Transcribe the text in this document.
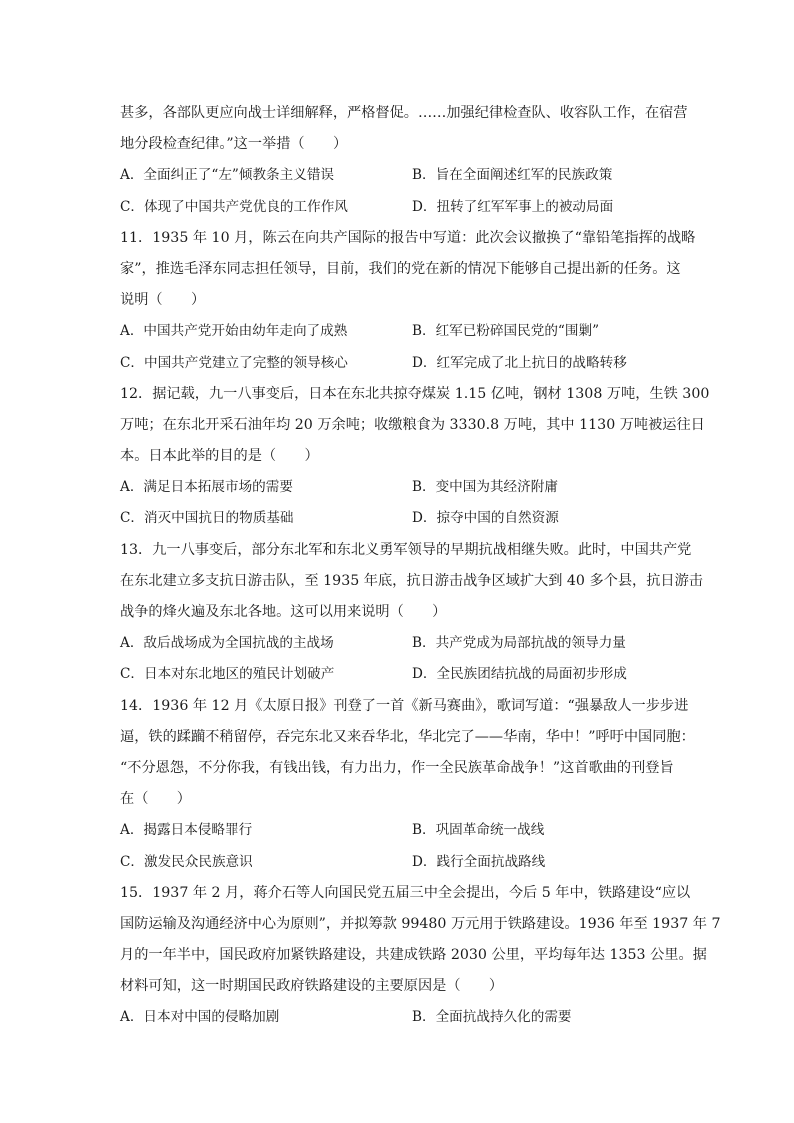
甚多，各部队更应向战士详细解释，严格督促。……加强纪律检查队、收容队工作，在宿营
地分段检查纪律。”这一举措（　　）
A．全面纠正了“左”倾教条主义错误	B．旨在全面阐述红军的民族政策
C．体现了中国共产党优良的工作作风	D．扭转了红军军事上的被动局面
11．1935 年 10 月，陈云在向共产国际的报告中写道：此次会议撤换了“靠铅笔指挥的战略
家”，推选毛泽东同志担任领导，目前，我们的党在新的情况下能够自己提出新的任务。这
说明（　　）
A．中国共产党开始由幼年走向了成熟	B．红军已粉碎国民党的“围剿”
C．中国共产党建立了完整的领导核心	D．红军完成了北上抗日的战略转移
12．据记载，九一八事变后，日本在东北共掠夺煤炭 1.15 亿吨，钢材 1308 万吨，生铁 300
万吨；在东北开采石油年均 20 万余吨；收缴粮食为 3330.8 万吨，其中 1130 万吨被运往日
本。日本此举的目的是（　　）
A．满足日本拓展市场的需要	B．变中国为其经济附庸
C．消灭中国抗日的物质基础	D．掠夺中国的自然资源
13．九一八事变后，部分东北军和东北义勇军领导的早期抗战相继失败。此时，中国共产党
在东北建立多支抗日游击队，至 1935 年底，抗日游击战争区域扩大到 40 多个县，抗日游击
战争的烽火遍及东北各地。这可以用来说明（　　）
A．敌后战场成为全国抗战的主战场	B．共产党成为局部抗战的领导力量
C．日本对东北地区的殖民计划破产	D．全民族团结抗战的局面初步形成
14．1936 年 12 月《太原日报》刊登了一首《新马赛曲》，歌词写道：“强暴敌人一步步进
逼，铁的蹂躏不稍留停，吞完东北又来吞华北，华北完了——华南，华中！”呼吁中国同胞：
“不分恩怨，不分你我，有钱出钱，有力出力，作一全民族革命战争！”这首歌曲的刊登旨
在（　　）
A．揭露日本侵略罪行	B．巩固革命统一战线
C．激发民众民族意识	D．践行全面抗战路线
15．1937 年 2 月，蒋介石等人向国民党五届三中全会提出，今后 5 年中，铁路建设“应以
国防运输及沟通经济中心为原则”，并拟筹款 99480 万元用于铁路建设。1936 年至 1937 年 7
月的一年半中，国民政府加紧铁路建设，共建成铁路 2030 公里，平均每年达 1353 公里。据
材料可知，这一时期国民政府铁路建设的主要原因是（　　）
A．日本对中国的侵略加剧	B．全面抗战持久化的需要
